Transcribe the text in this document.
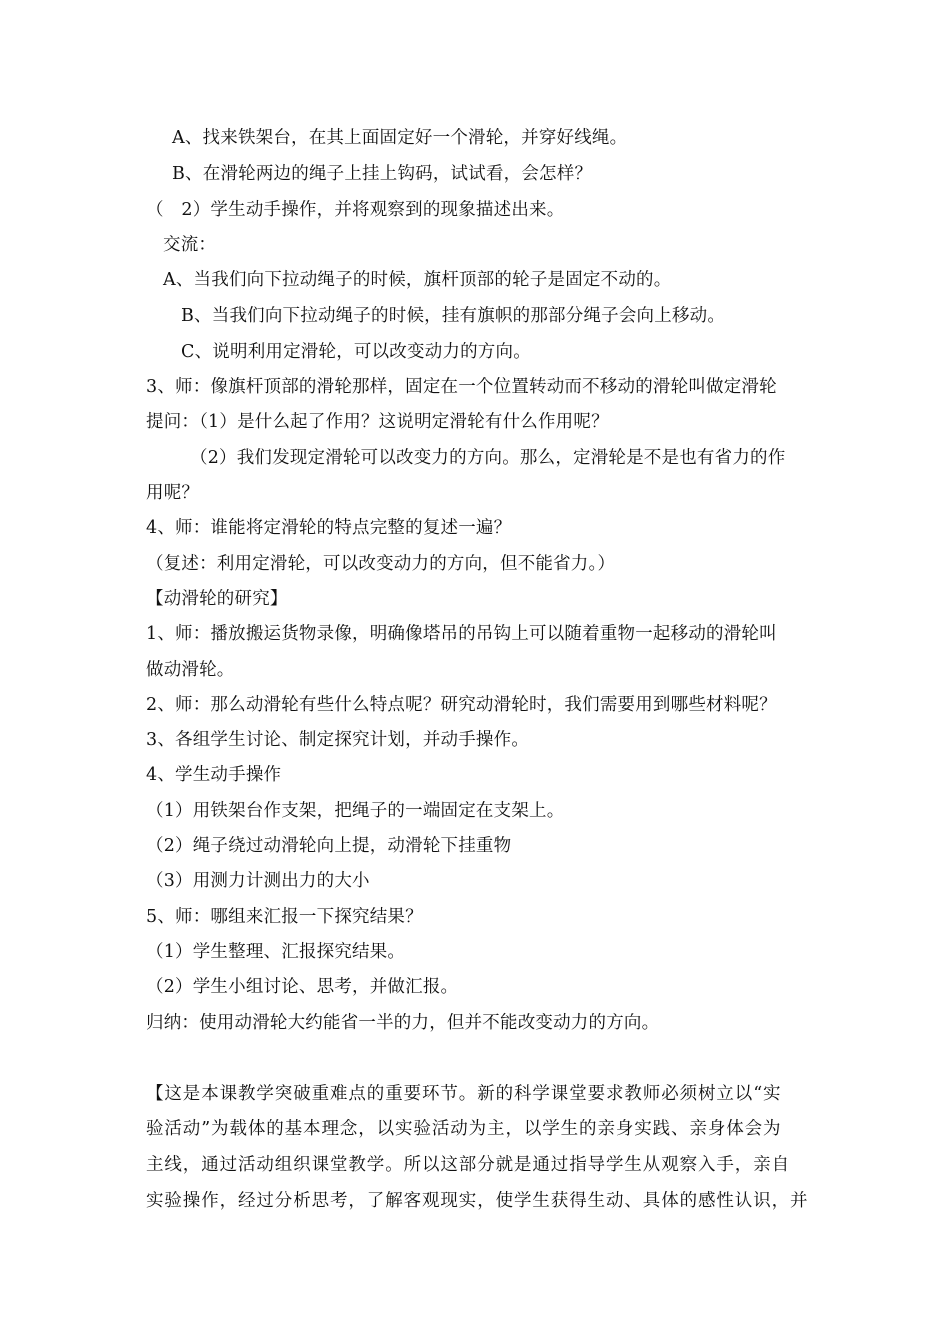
A、找来铁架台，在其上面固定好一个滑轮，并穿好线绳。
B、在滑轮两边的绳子上挂上钩码，试试看，会怎样？
（　2）学生动手操作，并将观察到的现象描述出来。
交流：
A、当我们向下拉动绳子的时候，旗杆顶部的轮子是固定不动的。
B、当我们向下拉动绳子的时候，挂有旗帜的那部分绳子会向上移动。
C、说明利用定滑轮，可以改变动力的方向。
3、师：像旗杆顶部的滑轮那样，固定在一个位置转动而不移动的滑轮叫做定滑轮
提问：（1）是什么起了作用？这说明定滑轮有什么作用呢？
（2）我们发现定滑轮可以改变力的方向。那么，定滑轮是不是也有省力的作
用呢？
4、师：谁能将定滑轮的特点完整的复述一遍？
（复述：利用定滑轮，可以改变动力的方向，但不能省力。）
【动滑轮的研究】
1、师：播放搬运货物录像，明确像塔吊的吊钩上可以随着重物一起移动的滑轮叫
做动滑轮。
2、师：那么动滑轮有些什么特点呢？研究动滑轮时，我们需要用到哪些材料呢？
3、各组学生讨论、制定探究计划，并动手操作。
4、学生动手操作
（1）用铁架台作支架，把绳子的一端固定在支架上。
（2）绳子绕过动滑轮向上提，动滑轮下挂重物
（3）用测力计测出力的大小
5、师：哪组来汇报一下探究结果？
（1）学生整理、汇报探究结果。
（2）学生小组讨论、思考，并做汇报。
归纳：使用动滑轮大约能省一半的力，但并不能改变动力的方向。
【这是本课教学突破重难点的重要环节。新的科学课堂要求教师必须树立以“实
验活动”为载体的基本理念，以实验活动为主，以学生的亲身实践、亲身体会为
主线，通过活动组织课堂教学。所以这部分就是通过指导学生从观察入手，亲自
实验操作，经过分析思考，了解客观现实，使学生获得生动、具体的感性认识，并
